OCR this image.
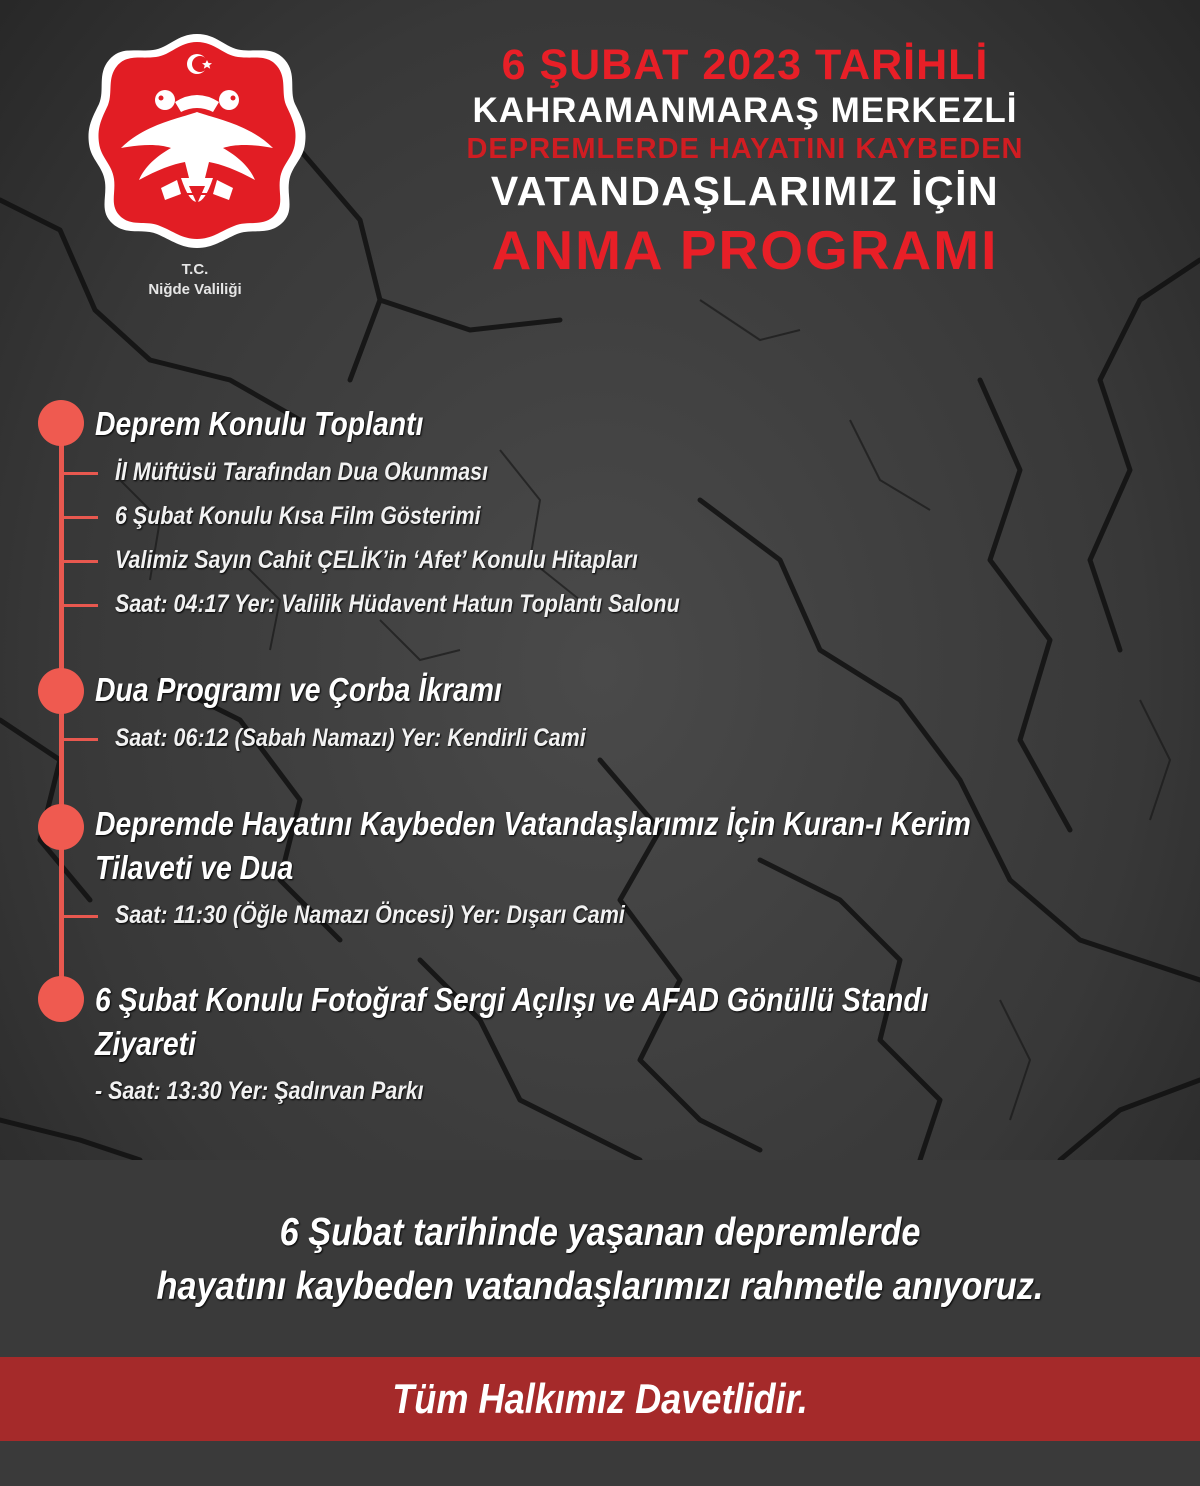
T.C.
Niğde Valiliği
6 ŞUBAT 2023 TARİHLİ
KAHRAMANMARAŞ MERKEZLİ
DEPREMLERDE HAYATINI KAYBEDEN
VATANDAŞLARIMIZ İÇİN
ANMA PROGRAMI
Deprem Konulu Toplantı
İl Müftüsü Tarafından Dua Okunması
6 Şubat Konulu Kısa Film Gösterimi
Valimiz Sayın Cahit ÇELİK’in ‘Afet’ Konulu Hitapları
Saat: 04:17 Yer: Valilik Hüdavent Hatun Toplantı Salonu
Dua Programı ve Çorba İkramı
Saat: 06:12 (Sabah Namazı) Yer: Kendirli Cami
Depremde Hayatını Kaybeden Vatandaşlarımız İçin Kuran-ı Kerim
Tilaveti ve Dua
Saat: 11:30 (Öğle Namazı Öncesi) Yer: Dışarı Cami
6 Şubat Konulu Fotoğraf Sergi Açılışı ve AFAD Gönüllü Standı
Ziyareti
- Saat: 13:30 Yer: Şadırvan Parkı
6 Şubat tarihinde yaşanan depremlerde
hayatını kaybeden vatandaşlarımızı rahmetle anıyoruz.
Tüm Halkımız Davetlidir.
